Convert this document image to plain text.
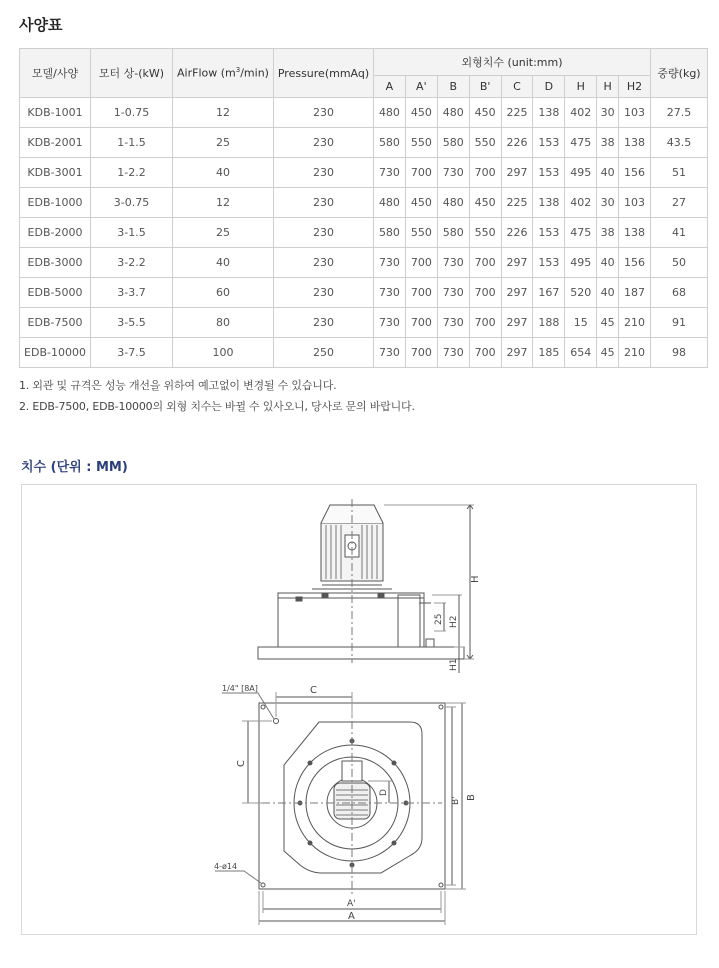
사양표
모델/사양	모터 상-(kW)	AirFlow $(m^3/\min)$	Pressure(mmAq)	외형치수 (unit:mm)									중량(kg)
				A	A'	B	B'	C	D	H	H	H2	
KDB-1001	1-0.75	12	230	480	450	480	450	225	138	402	30	103	27.5
KDB-2001	1-1.5	25	230	580	550	580	550	226	153	475	38	138	43.5
KDB-3001	1-2.2	40	230	730	700	730	700	297	153	495	40	156	51
EDB-1000	3-0.75	12	230	480	450	480	450	225	138	402	30	103	27
EDB-2000	3-1.5	25	230	580	550	580	550	226	153	475	38	138	41
EDB-3000	3-2.2	40	230	730	700	730	700	297	153	495	40	156	50
EDB-5000	3-3.7	60	230	730	700	730	700	297	167	520	40	187	68
EDB-7500	3-5.5	80	230	730	700	730	700	297	188	15	45	210	91
EDB-10000	3-7.5	100	250	730	700	730	700	297	185	654	45	210	98
1. 외관 및 규격은 성능 개선을 위하여 예고없이 변경될 수 있습니다.
2. EDB-7500, EDB-10000의 외형 치수는 바뀔 수 있사오니, 당사로 문의 바랍니다.
치수 (단위 : MM)
H
H2
25
H1
C
C
D
B' B
A'
A
1/4" [8A]
4-ø14
